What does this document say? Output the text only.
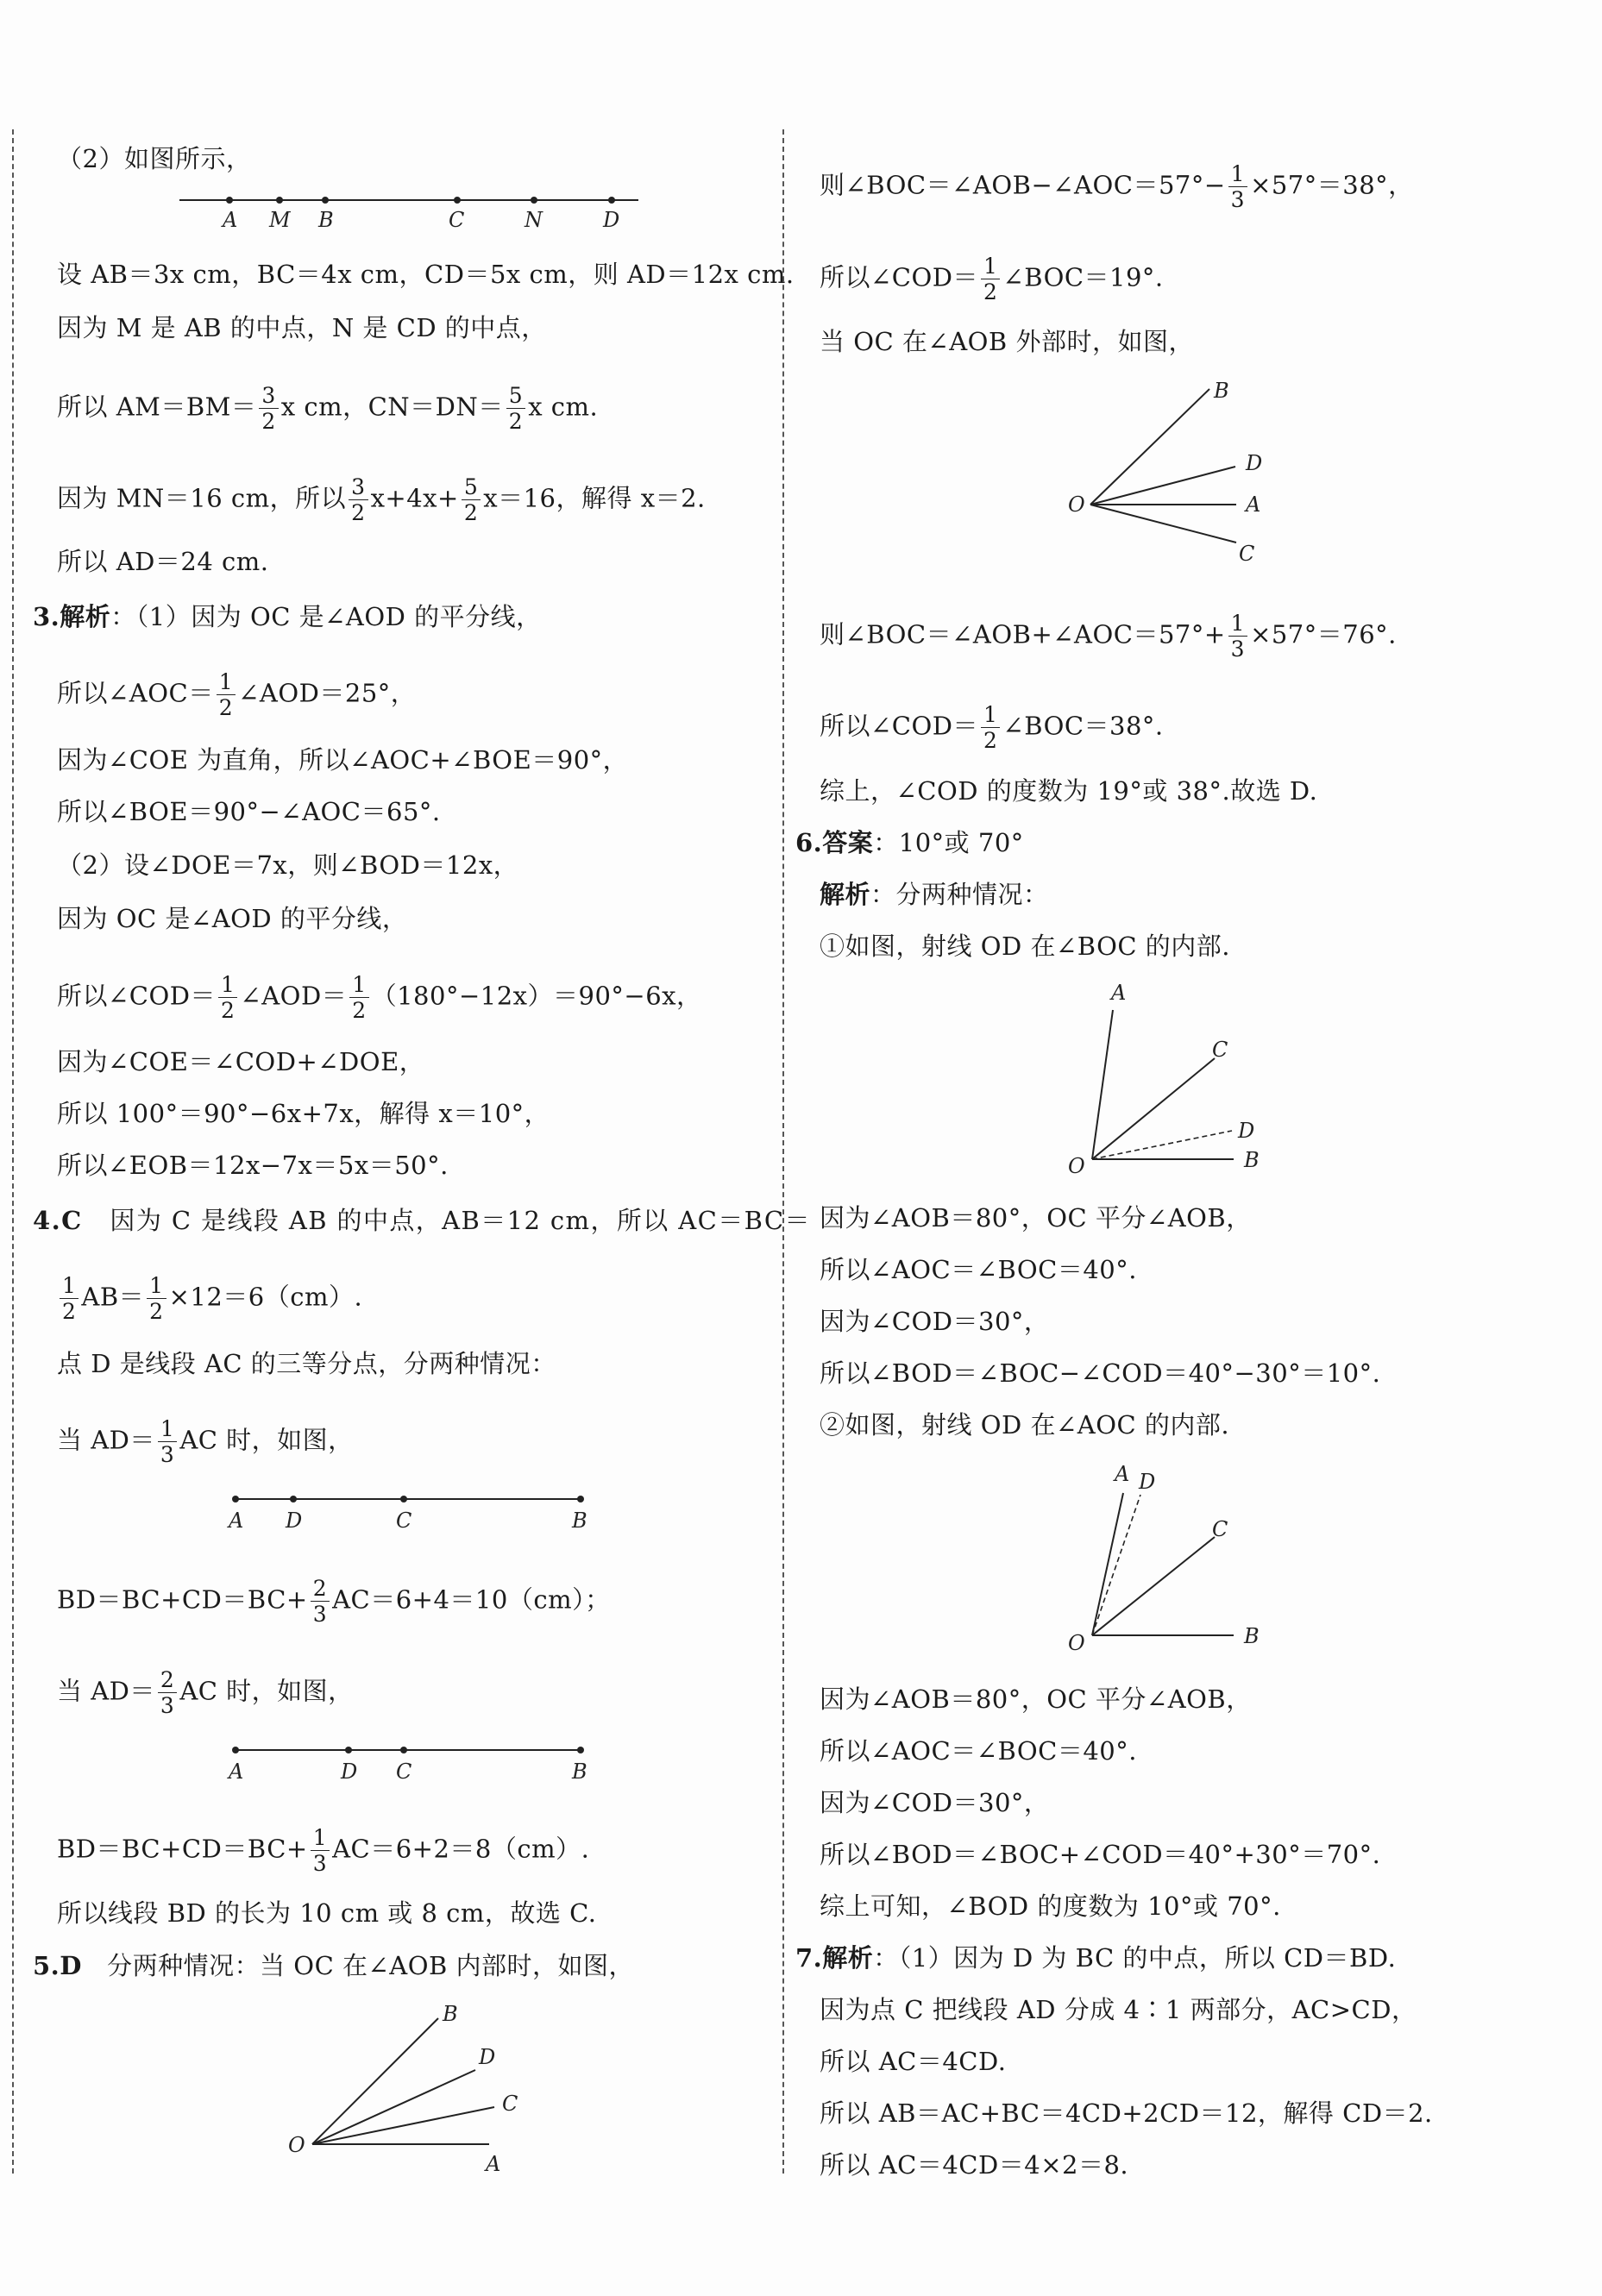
（2）如图所示，
A M B	C	N	D
设 AB＝3x cm，BC＝4x cm，CD＝5x cm，则 AD＝12x cm.
因为 M 是 AB 的中点，N 是 CD 的中点，
所以 $AM=BM= \frac{3}{2}$ x cm，$CN=DN= \frac{5}{2}$ x cm.
因为 MN＝16 cm，所以 $\frac{3}{2} x+4x+ \frac{5}{2} x=16$，解得 x＝2.
所以 AD＝24 cm.
3.解析：（1）因为 OC 是∠AOD 的平分线，
所以∠AOC＝ $\frac{1}{2}$ ∠AOD＝25°，
因为∠COE 为直角，所以∠AOC+∠BOE＝90°，
所以∠BOE＝90°−∠AOC＝65°.
（2）设∠DOE＝7x，则∠BOD＝12x，
因为 OC 是∠AOD 的平分线，
所以∠COD＝ $\frac{1}{2}$ ∠AOD＝ $\frac{1}{2} (180^\circ-12x)=90^\circ-6x$，
因为∠COE＝∠COD+∠DOE，
所以 100°＝90°−6x+7x，解得 x＝10°，
所以∠EOB＝12x−7x＝5x＝50°.
4.C 因为 C 是线段 AB 的中点，AB＝12 cm，所以 AC＝BC＝
$\frac{1}{2} AB= \frac{1}{2} \times 12=6(cm)$.
点 D 是线段 AC 的三等分点，分两种情况：
当 $AD= \frac{1}{3}$ AC 时，如图，
A D	C	B
$BD=BC+CD=BC+ \frac{2}{3} AC=6+4=10(cm)$；
当 $AD= \frac{2}{3}$ AC 时，如图，
A	D C	B
$BD=BC+CD=BC+ \frac{1}{3} AC=6+2=8(cm)$.
所以线段 BD 的长为 10 cm 或 8 cm，故选 C.
5.D 分两种情况：当 OC 在∠AOB 内部时，如图，
O
A
B
C
D
则∠BOC＝∠AOB−∠AOC＝57°− $\frac{1}{3} \times 57^\circ=38^\circ$，
所以∠COD＝ $\frac{1}{2}$ ∠BOC＝19°.
当 OC 在∠AOB 外部时，如图，
O	A
B
C
D
则∠BOC＝∠AOB+∠AOC＝57°+ $\frac{1}{3} \times 57^\circ=76^\circ$.
所以∠COD＝ $\frac{1}{2}$ ∠BOC＝38°.
综上，∠COD 的度数为 19°或 38°.故选 D.
6.答案：10°或 70°
解析：分两种情况：
①如图，射线 OD 在∠BOC 的内部.
O
A
B
C
D
因为∠AOB＝80°，OC 平分∠AOB，
所以∠AOC＝∠BOC＝40°.
因为∠COD＝30°，
所以∠BOD＝∠BOC−∠COD＝40°−30°＝10°.
②如图，射线 OD 在∠AOC 的内部.
O
A
B
C
D
因为∠AOB＝80°，OC 平分∠AOB，
所以∠AOC＝∠BOC＝40°.
因为∠COD＝30°，
所以∠BOD＝∠BOC+∠COD＝40°+30°＝70°.
综上可知，∠BOD 的度数为 10°或 70°.
7.解析：（1）因为 D 为 BC 的中点，所以 CD＝BD.
因为点 C 把线段 AD 分成 4∶1 两部分，AC>CD，
所以 AC＝4CD.
所以 AB＝AC+BC＝4CD+2CD＝12，解得 CD＝2.
所以 AC＝4CD＝4×2＝8.
